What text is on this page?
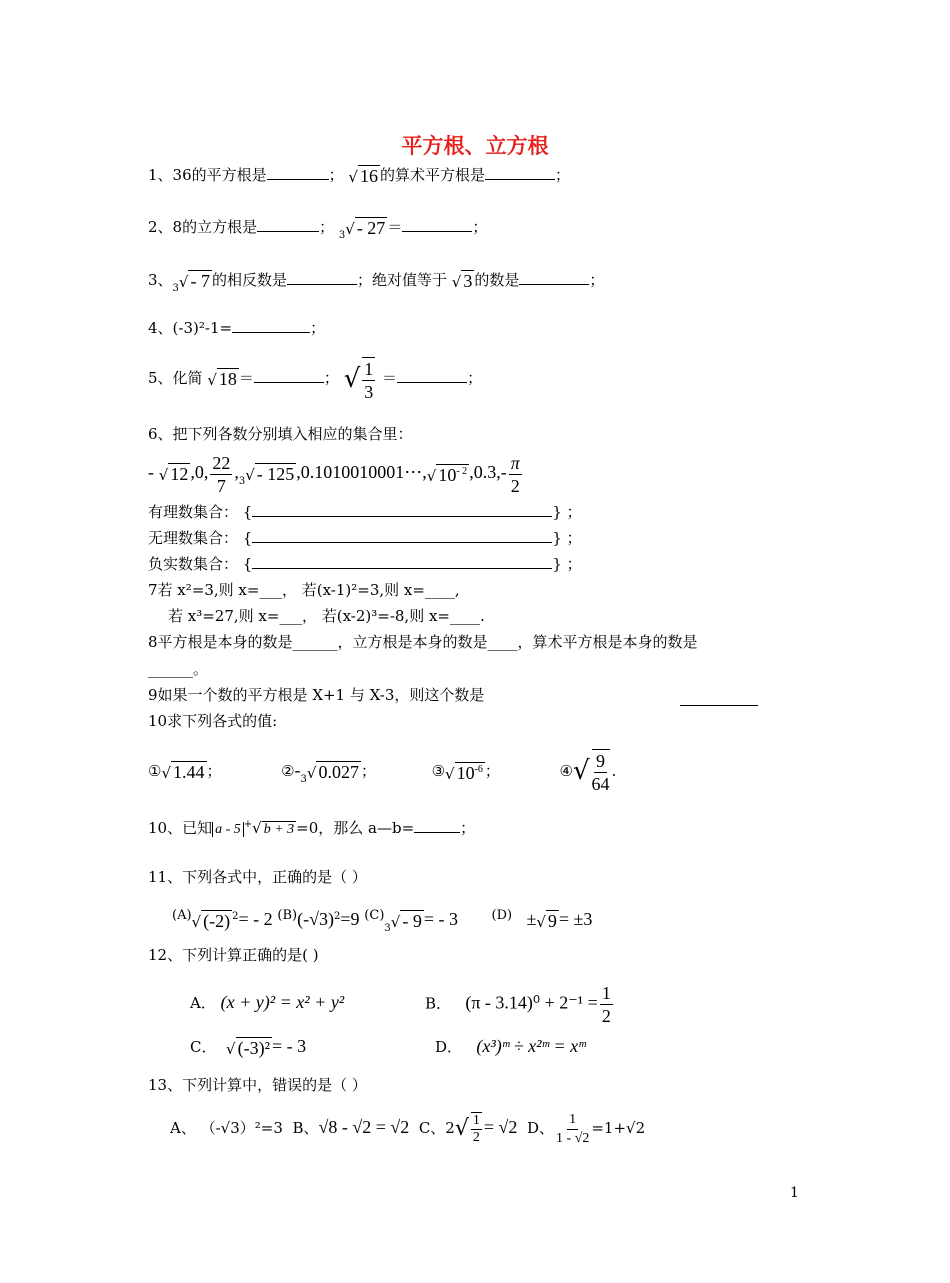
平方根、立方根
1、36的平方根是	； √ 16 的算术平方根是	；
2、8的立方根是	； $_3$√ - 27 ＝	；
3、$_3$√ - 7 的相反数是	；绝对值等于 √ 3 的数是	；
4、(-3)²-1=	；
5、化简 √ 18 ＝	； √ $\frac{1}{3}$ ＝	；
6、把下列各数分别填入相应的集合里：
- √ 12 ,0, $\frac{22}{7} ,_3√ - 125$ ,0.1010010001⋯,√ $10^{- 2}$ $,0.3,- \frac{\pi}{2}$
有理数集合： {	} ；
无理数集合： {	} ；
负实数集合： {	} ；
7若 x²=3,则 x=___， 若(x-1)²=3,则 x=____,
若 x³=27,则 x=___， 若(x-2)³=-8,则 x=____.
8平方根是本身的数是______，立方根是本身的数是____，算术平方根是本身的数是
______。
9如果一个数的平方根是 X+1 与 X-3，则这个数是
10求下列各式的值:
①√ 1.44 ；	$②-_3√$ 0.027 ；	③√ $10^{-6}$ ；	④√ $\frac{9}{64}$ .
10、已知 a - 5 +√ b + 3 =0，那么 a—b=	；
11、下列各式中，正确的是（ ）
$^{(A)}$√ (-2) $^2$= - 2 $^{(B)}(-√3)^2=9$ $^{(C)}_3$√ - 9 = - 3	$^{(D)}$ ±√ 9 = ±3
12、下列计算正确的是( )
A． (x + y)² = x² + y²	B． $(\pi - 3.14)^0 + 2^{-1} = \frac{1}{2}$
C． √ (-3)² = - 3	D． (x³)ᵐ ÷ x²ᵐ = xᵐ
13、下列计算中，错误的是（ ）
A、 （-√3）²=3 B、√8 - √2 = √2 C、$2√ \frac{1}{2} = √2$ D、 $\frac{1}{1 - √2} =1+√2$
1
